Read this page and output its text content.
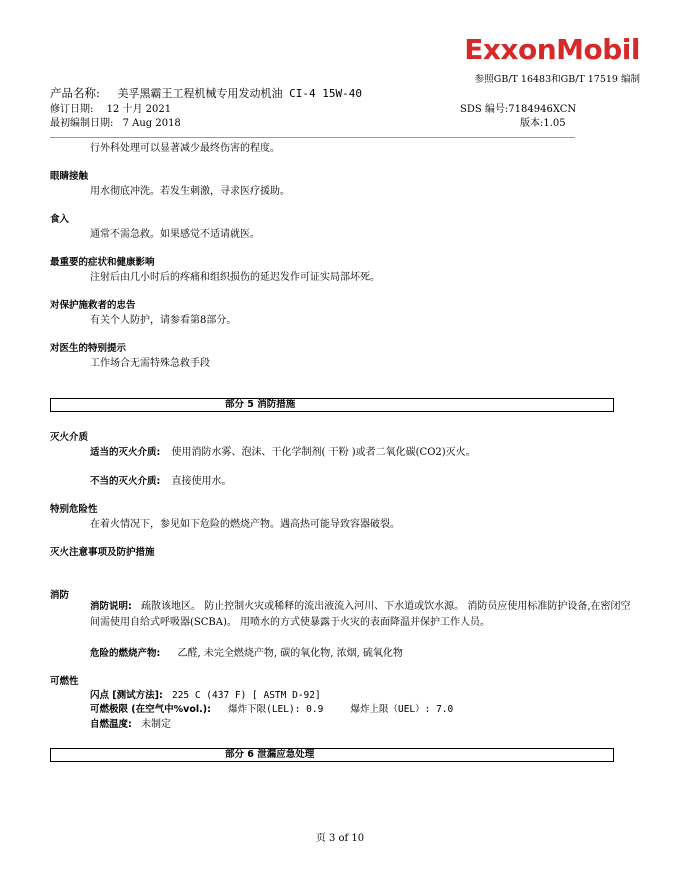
ExxonMobil
参照GB/T 16483和GB/T 17519 编制
产品名称: 美孚黑霸王工程机械专用发动机油 CI-4 15W-40
修订日期: 12 十月 2021
最初编制日期: 7 Aug 2018
SDS 编号:7184946XCN
版本:1.05
行外科处理可以显著减少最终伤害的程度。
眼睛接触
用水彻底冲洗。若发生刺激，寻求医疗援助。
食入
通常不需急救。如果感觉不适请就医。
最重要的症状和健康影响
注射后由几小时后的疼痛和组织损伤的延迟发作可证实局部坏死。
对保护施救者的忠告
有关个人防护，请参看第8部分。
对医生的特别提示
工作场合无需特殊急救手段
部分 5 消防措施
灭火介质
适当的灭火介质: 使用消防水雾、泡沫、干化学制剂( 干粉 )或者二氧化碳(CO2)灭火。
不当的灭火介质: 直接使用水。
特别危险性
在着火情况下，参见如下危险的燃烧产物。遇高热可能导致容器破裂。
灭火注意事项及防护措施
消防
消防说明: 疏散该地区。 防止控制火灾或稀释的流出液流入河川、下水道或饮水源。 消防员应使用标准防护设备,在密闭空间需使用自给式呼吸器(SCBA)。 用喷水的方式使暴露于火灾的表面降温并保护工作人员。
危险的燃烧产物: 乙醛, 未完全燃烧产物, 碳的氧化物, 浓烟, 硫氧化物
可燃性
闪点 [测试方法]: 225 C (437 F) [ ASTM D-92]
可燃极限 (在空气中%vol.): 爆炸下限(LEL): 0.9	爆炸上限（UEL）: 7.0
自燃温度: 未制定
部分 6 泄漏应急处理
页 3 of 10
